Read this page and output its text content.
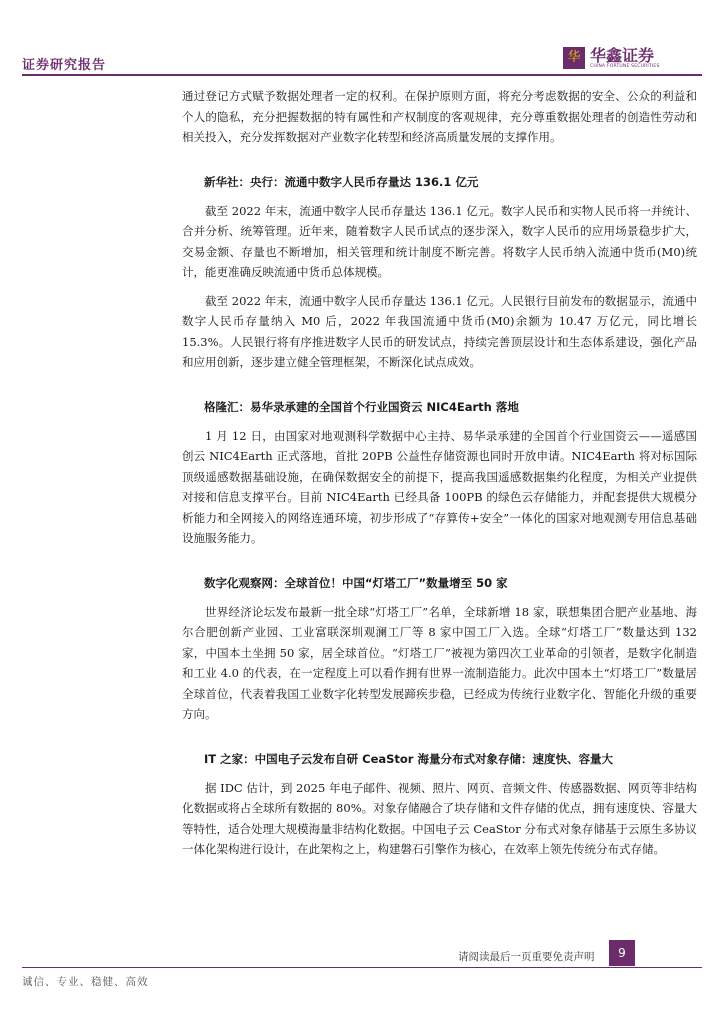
证券研究报告
华 华鑫证券
CHINA FORTUNE SECURITIES

通过登记方式赋予数据处理者一定的权利。在保护原则方面，将充分考虑数据的安全、公众的利益和个人的隐私，充分把握数据的特有属性和产权制度的客观规律，充分尊重数据处理者的创造性劳动和相关投入，充分发挥数据对产业数字化转型和经济高质量发展的支撑作用。

新华社：央行：流通中数字人民币存量达 136.1 亿元

截至 2022 年末，流通中数字人民币存量达 136.1 亿元。数字人民币和实物人民币将一并统计、合并分析、统筹管理。近年来，随着数字人民币试点的逐步深入，数字人民币的应用场景稳步扩大，交易金额、存量也不断增加，相关管理和统计制度不断完善。将数字人民币纳入流通中货币(M0)统计，能更准确反映流通中货币总体规模。

截至 2022 年末，流通中数字人民币存量达 136.1 亿元。人民银行目前发布的数据显示，流通中数字人民币存量纳入 M0 后，2022 年我国流通中货币(M0)余额为 10.47 万亿元，同比增长 15.3%。人民银行将有序推进数字人民币的研发试点，持续完善顶层设计和生态体系建设，强化产品和应用创新，逐步建立健全管理框架，不断深化试点成效。

格隆汇：易华录承建的全国首个行业国资云 NIC4Earth 落地

1 月 12 日，由国家对地观测科学数据中心主持、易华录承建的全国首个行业国资云——遥感国创云 NIC4Earth 正式落地，首批 20PB 公益性存储资源也同时开放申请。NIC4Earth 将对标国际顶级遥感数据基础设施，在确保数据安全的前提下，提高我国遥感数据集约化程度，为相关产业提供对接和信息支撑平台。目前 NIC4Earth 已经具备 100PB 的绿色云存储能力，并配套提供大规模分析能力和全网接入的网络连通环境，初步形成了“存算传+安全”一体化的国家对地观测专用信息基础设施服务能力。

数字化观察网：全球首位！中国“灯塔工厂”数量增至 50 家

世界经济论坛发布最新一批全球“灯塔工厂”名单，全球新增 18 家，联想集团合肥产业基地、海尔合肥创新产业园、工业富联深圳观澜工厂等 8 家中国工厂入选。全球“灯塔工厂”数量达到 132 家，中国本土坐拥 50 家，居全球首位。“灯塔工厂”被视为第四次工业革命的引领者，是数字化制造和工业 4.0 的代表，在一定程度上可以看作拥有世界一流制造能力。此次中国本土“灯塔工厂”数量居全球首位，代表着我国工业数字化转型发展蹄疾步稳，已经成为传统行业数字化、智能化升级的重要方向。

IT 之家：中国电子云发布自研 CeaStor 海量分布式对象存储：速度快、容量大

据 IDC 估计，到 2025 年电子邮件、视频、照片、网页、音频文件、传感器数据、网页等非结构化数据或将占全球所有数据的 80%。对象存储融合了块存储和文件存储的优点，拥有速度快、容量大等特性，适合处理大规模海量非结构化数据。中国电子云 CeaStor 分布式对象存储基于云原生多协议一体化架构进行设计，在此架构之上，构建磐石引擎作为核心，在效率上领先传统分布式存储。

请阅读最后一页重要免责声明	9
诚信、专业、稳健、高效
